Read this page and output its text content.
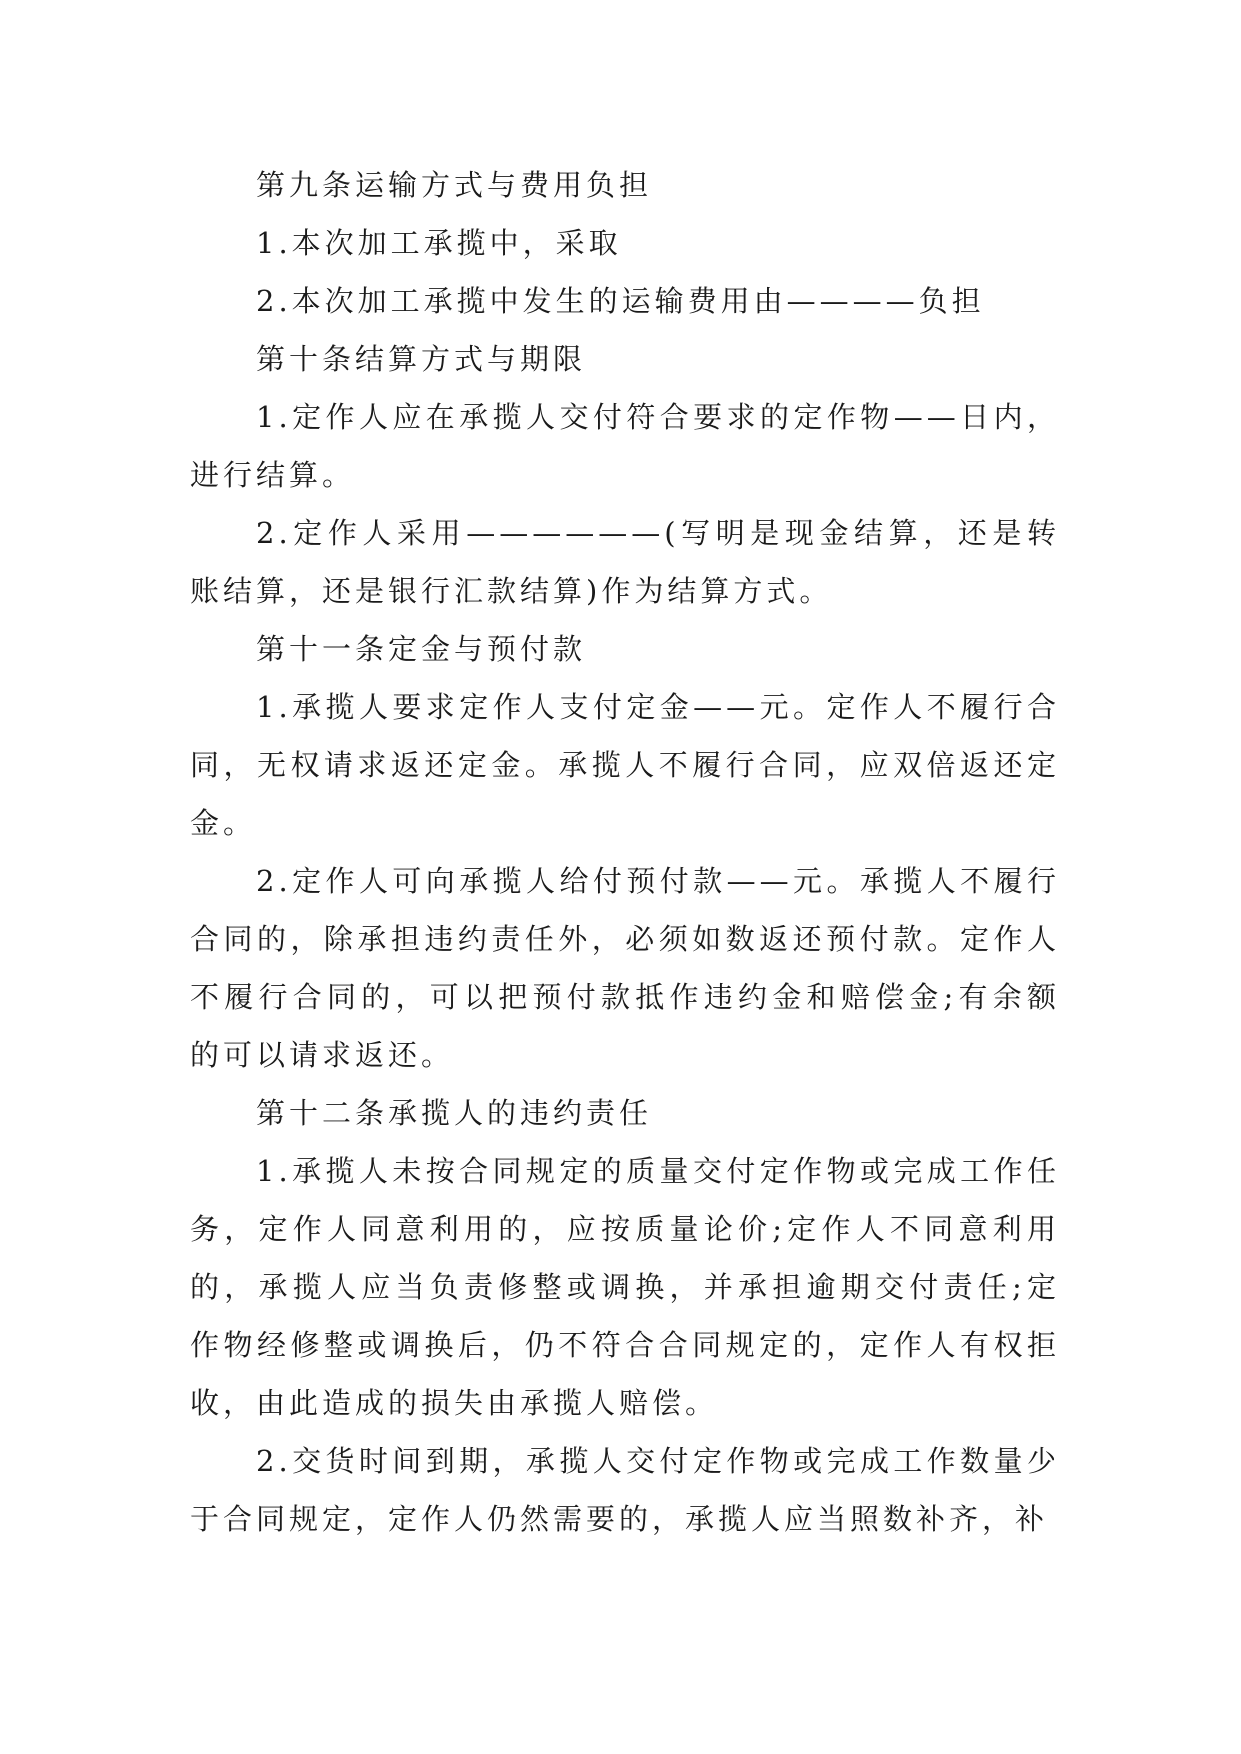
第九条运输方式与费用负担

1.本次加工承揽中，采取

2.本次加工承揽中发生的运输费用由————负担

第十条结算方式与期限

1.定作人应在承揽人交付符合要求的定作物——日内，进行结算。

2.定作人采用——————(写明是现金结算，还是转账结算，还是银行汇款结算)作为结算方式。

第十一条定金与预付款

1.承揽人要求定作人支付定金——元。定作人不履行合同，无权请求返还定金。承揽人不履行合同，应双倍返还定金。

2.定作人可向承揽人给付预付款——元。承揽人不履行合同的，除承担违约责任外，必须如数返还预付款。定作人不履行合同的，可以把预付款抵作违约金和赔偿金;有余额的可以请求返还。

第十二条承揽人的违约责任

1.承揽人未按合同规定的质量交付定作物或完成工作任务，定作人同意利用的，应按质量论价;定作人不同意利用的，承揽人应当负责修整或调换，并承担逾期交付责任;定作物经修整或调换后，仍不符合合同规定的，定作人有权拒收，由此造成的损失由承揽人赔偿。

2.交货时间到期，承揽人交付定作物或完成工作数量少于合同规定，定作人仍然需要的，承揽人应当照数补齐，补
